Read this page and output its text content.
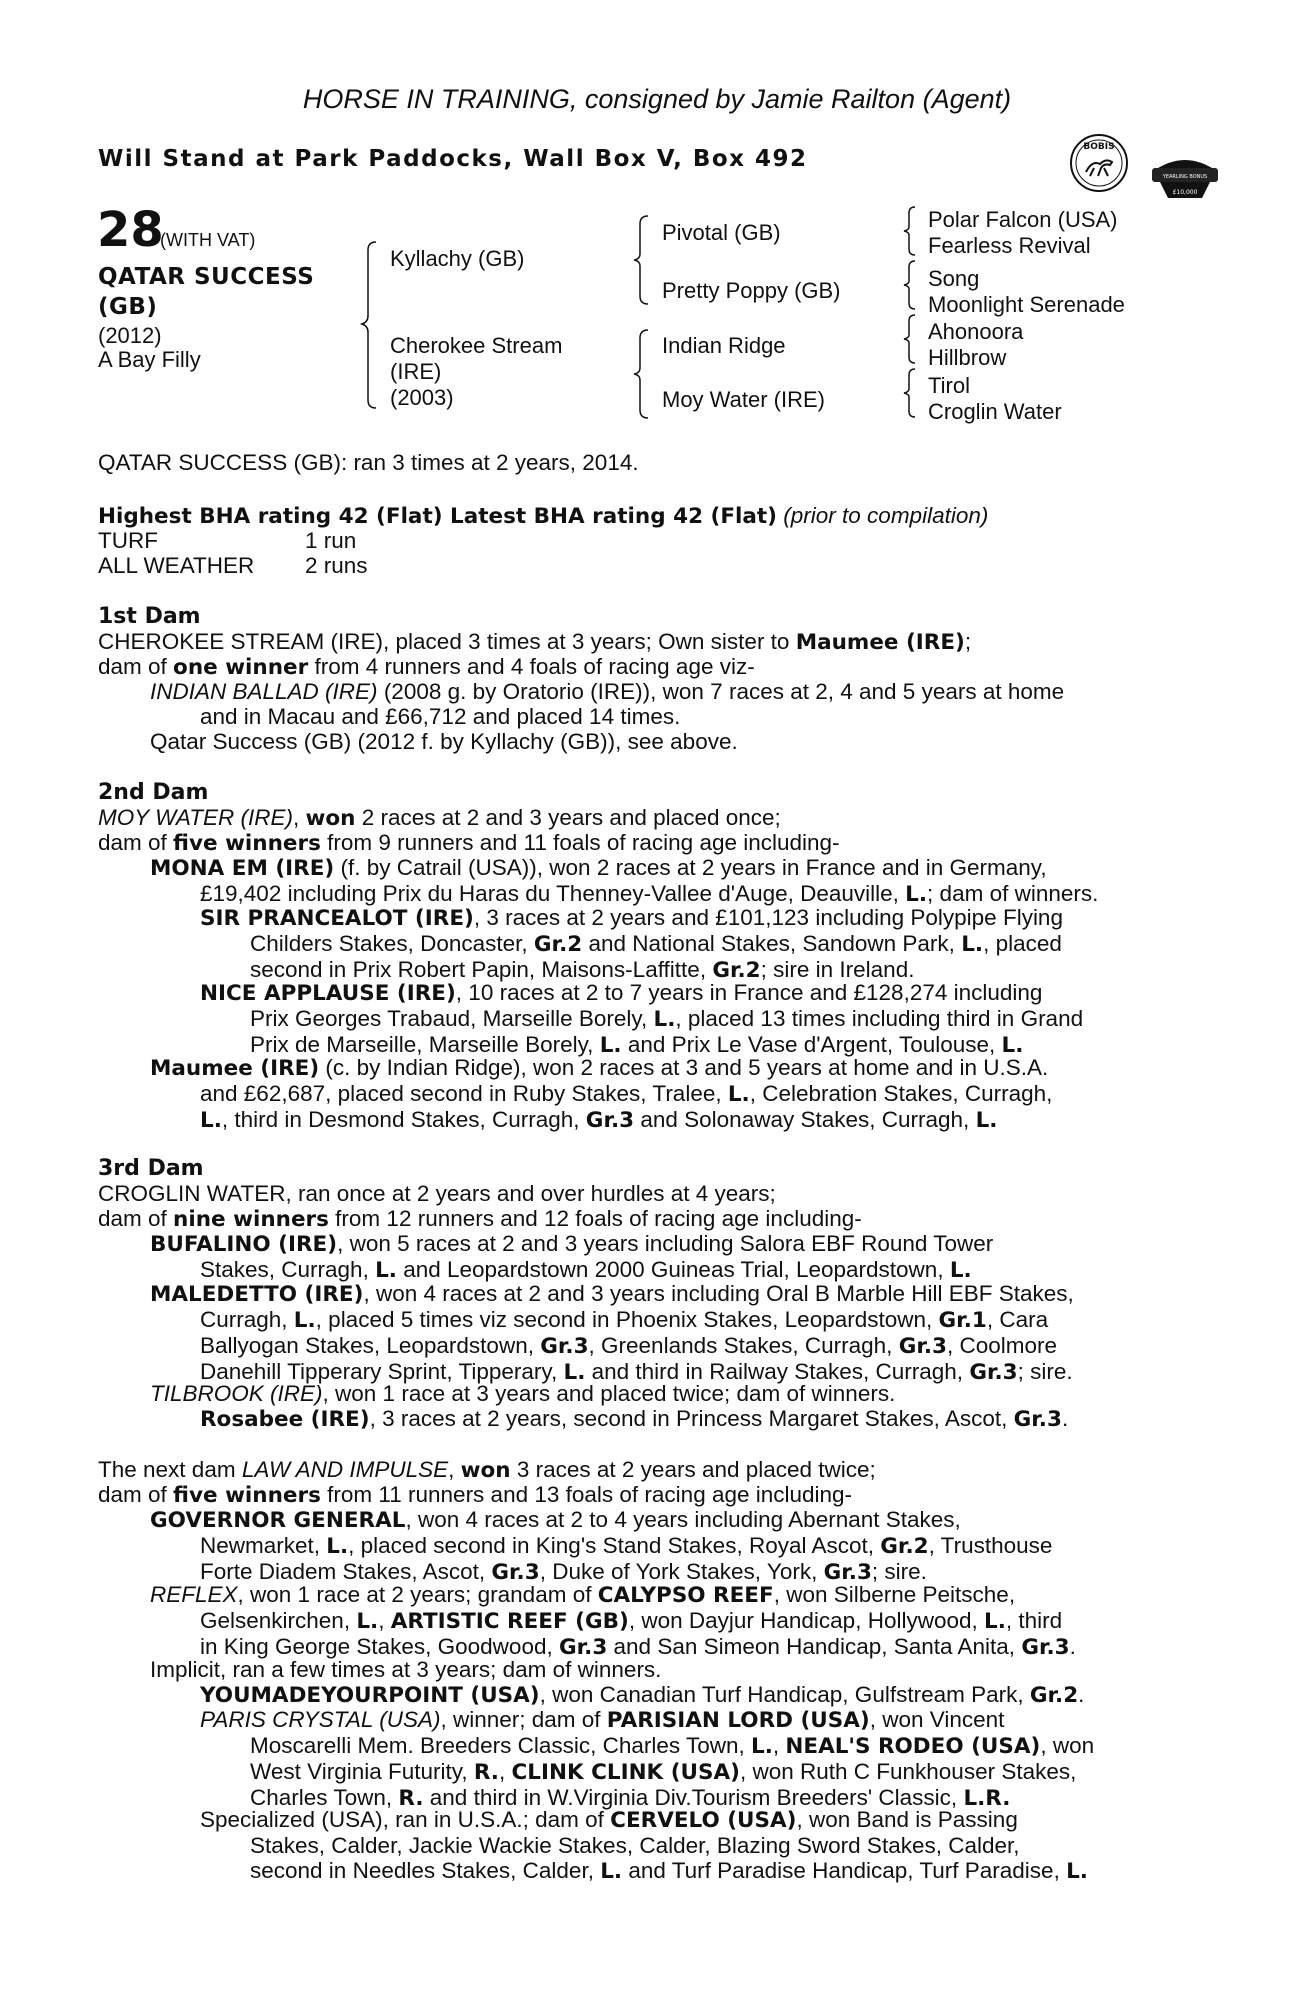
HORSE IN TRAINING, consigned by Jamie Railton (Agent)
Will Stand at Park Paddocks, Wall Box V, Box 492	BOBIS
YEARLING BONUS
£10,000
28
(WITH VAT)
QATAR SUCCESS
(GB)
(2012)
A Bay Filly
Kyllachy (GB)
Cherokee Stream
(IRE)
(2003)
Pivotal (GB)
Pretty Poppy (GB)
Indian Ridge
Moy Water (IRE)
Polar Falcon (USA)
Fearless Revival
Song
Moonlight Serenade
Ahonoora
Hillbrow
Tirol
Croglin Water
QATAR SUCCESS (GB): ran 3 times at 2 years, 2014.
Highest BHA rating 42 (Flat) Latest BHA rating 42 (Flat) (prior to compilation)
TURF	1 run
ALL WEATHER 2 runs
1st Dam
CHEROKEE STREAM (IRE), placed 3 times at 3 years; Own sister to Maumee (IRE);
dam of one winner from 4 runners and 4 foals of racing age viz-
INDIAN BALLAD (IRE) (2008 g. by Oratorio (IRE)), won 7 races at 2, 4 and 5 years at home
and in Macau and £66,712 and placed 14 times.
Qatar Success (GB) (2012 f. by Kyllachy (GB)), see above.
2nd Dam
MOY WATER (IRE), won 2 races at 2 and 3 years and placed once;
dam of five winners from 9 runners and 11 foals of racing age including-
MONA EM (IRE) (f. by Catrail (USA)), won 2 races at 2 years in France and in Germany,
£19,402 including Prix du Haras du Thenney-Vallee d'Auge, Deauville, L.; dam of winners.
SIR PRANCEALOT (IRE), 3 races at 2 years and £101,123 including Polypipe Flying
Childers Stakes, Doncaster, Gr.2 and National Stakes, Sandown Park, L., placed
second in Prix Robert Papin, Maisons-Laffitte, Gr.2; sire in Ireland.
NICE APPLAUSE (IRE), 10 races at 2 to 7 years in France and £128,274 including
Prix Georges Trabaud, Marseille Borely, L., placed 13 times including third in Grand
Prix de Marseille, Marseille Borely, L. and Prix Le Vase d'Argent, Toulouse, L.
Maumee (IRE) (c. by Indian Ridge), won 2 races at 3 and 5 years at home and in U.S.A.
and £62,687, placed second in Ruby Stakes, Tralee, L., Celebration Stakes, Curragh,
L., third in Desmond Stakes, Curragh, Gr.3 and Solonaway Stakes, Curragh, L.
3rd Dam
CROGLIN WATER, ran once at 2 years and over hurdles at 4 years;
dam of nine winners from 12 runners and 12 foals of racing age including-
BUFALINO (IRE), won 5 races at 2 and 3 years including Salora EBF Round Tower
Stakes, Curragh, L. and Leopardstown 2000 Guineas Trial, Leopardstown, L.
MALEDETTO (IRE), won 4 races at 2 and 3 years including Oral B Marble Hill EBF Stakes,
Curragh, L., placed 5 times viz second in Phoenix Stakes, Leopardstown, Gr.1, Cara
Ballyogan Stakes, Leopardstown, Gr.3, Greenlands Stakes, Curragh, Gr.3, Coolmore
Danehill Tipperary Sprint, Tipperary, L. and third in Railway Stakes, Curragh, Gr.3; sire.
TILBROOK (IRE), won 1 race at 3 years and placed twice; dam of winners.
Rosabee (IRE), 3 races at 2 years, second in Princess Margaret Stakes, Ascot, Gr.3.
The next dam LAW AND IMPULSE, won 3 races at 2 years and placed twice;
dam of five winners from 11 runners and 13 foals of racing age including-
GOVERNOR GENERAL, won 4 races at 2 to 4 years including Abernant Stakes,
Newmarket, L., placed second in King's Stand Stakes, Royal Ascot, Gr.2, Trusthouse
Forte Diadem Stakes, Ascot, Gr.3, Duke of York Stakes, York, Gr.3; sire.
REFLEX, won 1 race at 2 years; grandam of CALYPSO REEF, won Silberne Peitsche,
Gelsenkirchen, L., ARTISTIC REEF (GB), won Dayjur Handicap, Hollywood, L., third
in King George Stakes, Goodwood, Gr.3 and San Simeon Handicap, Santa Anita, Gr.3.
Implicit, ran a few times at 3 years; dam of winners.
YOUMADEYOURPOINT (USA), won Canadian Turf Handicap, Gulfstream Park, Gr.2.
PARIS CRYSTAL (USA), winner; dam of PARISIAN LORD (USA), won Vincent
Moscarelli Mem. Breeders Classic, Charles Town, L., NEAL'S RODEO (USA), won
West Virginia Futurity, R., CLINK CLINK (USA), won Ruth C Funkhouser Stakes,
Charles Town, R. and third in W.Virginia Div.Tourism Breeders' Classic, L.R.
Specialized (USA), ran in U.S.A.; dam of CERVELO (USA), won Band is Passing
Stakes, Calder, Jackie Wackie Stakes, Calder, Blazing Sword Stakes, Calder,
second in Needles Stakes, Calder, L. and Turf Paradise Handicap, Turf Paradise, L.
